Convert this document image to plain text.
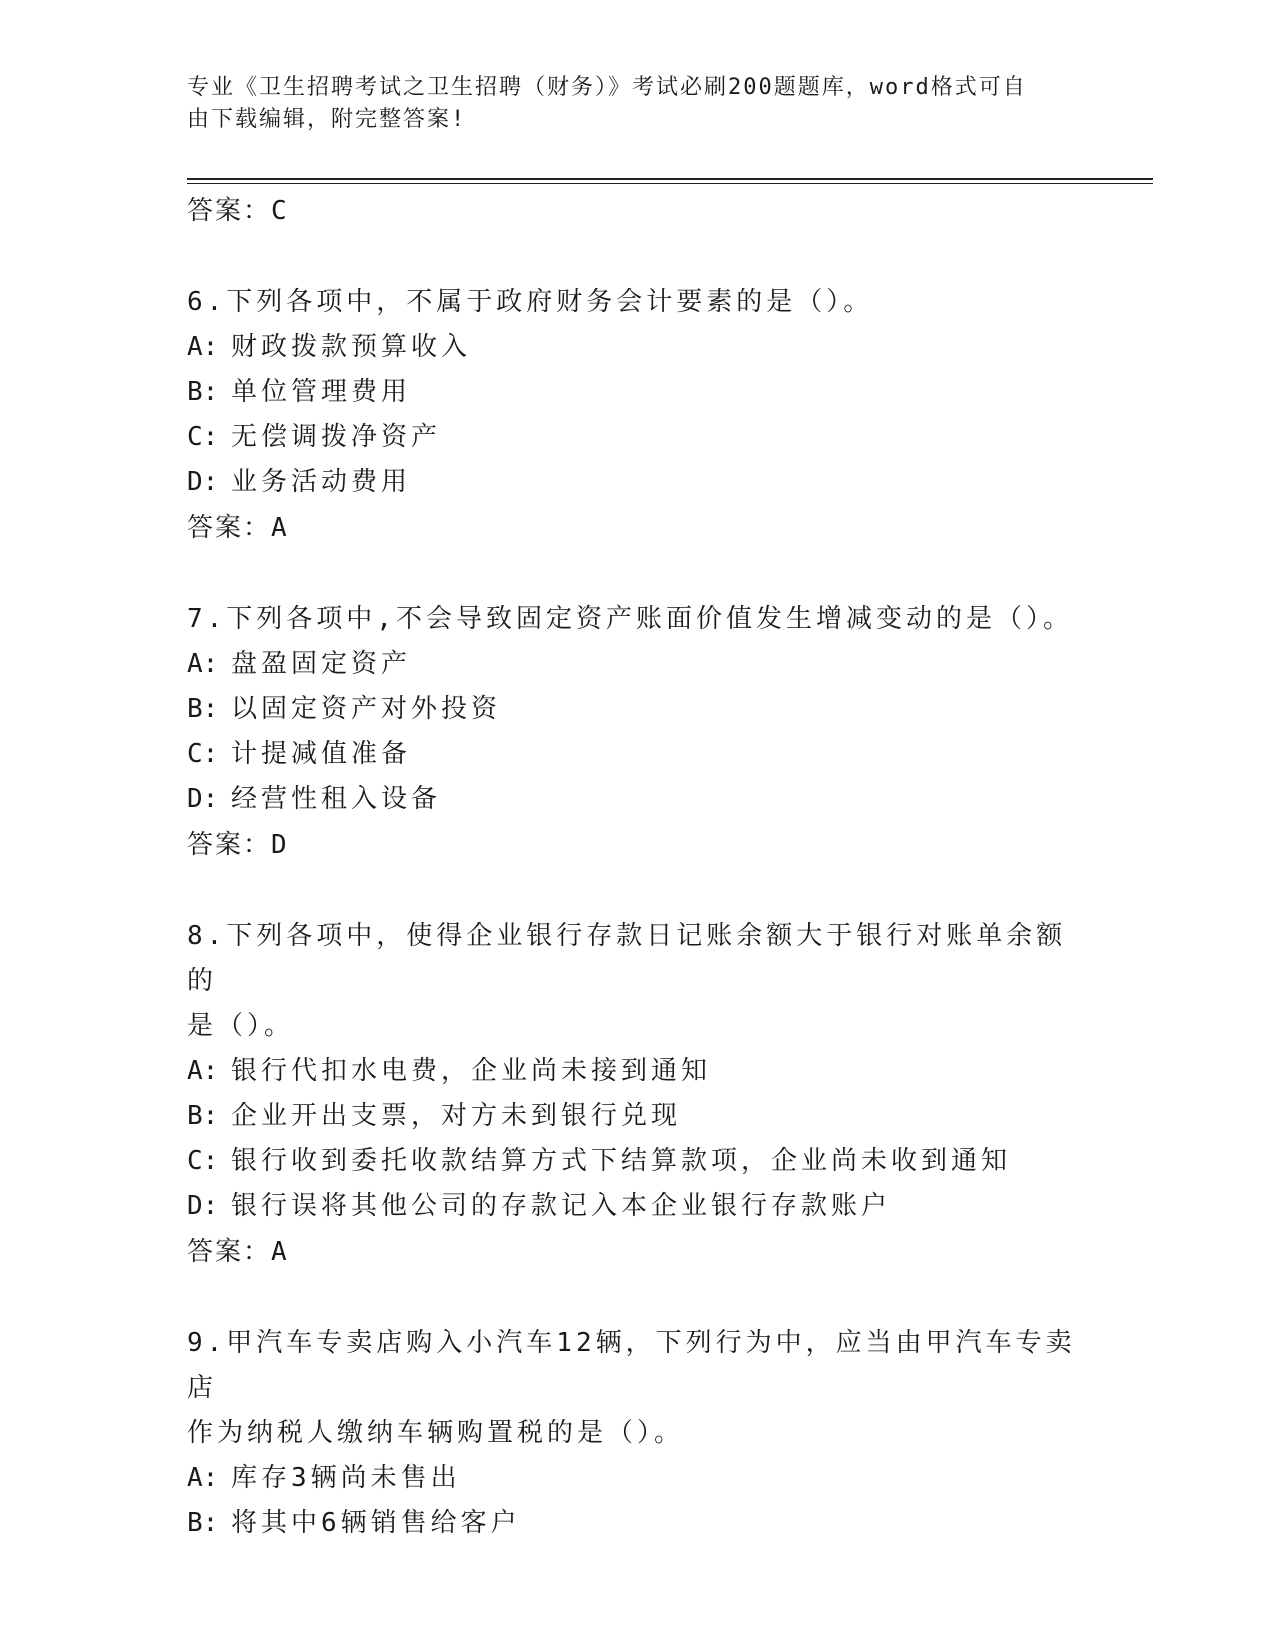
专业《卫生招聘考试之卫生招聘（财务）》考试必刷200题题库，word格式可自
由下载编辑，附完整答案!
答案：C
6.下列各项中，不属于政府财务会计要素的是（）。
A: 财政拨款预算收入
B: 单位管理费用
C: 无偿调拨净资产
D: 业务活动费用
答案：A
7.下列各项中,不会导致固定资产账面价值发生增减变动的是（）。
A: 盘盈固定资产
B: 以固定资产对外投资
C: 计提减值准备
D: 经营性租入设备
答案：D
8.下列各项中，使得企业银行存款日记账余额大于银行对账单余额的
是（）。
A: 银行代扣水电费，企业尚未接到通知
B: 企业开出支票，对方未到银行兑现
C: 银行收到委托收款结算方式下结算款项，企业尚未收到通知
D: 银行误将其他公司的存款记入本企业银行存款账户
答案：A
9.甲汽车专卖店购入小汽车12辆，下列行为中，应当由甲汽车专卖店
作为纳税人缴纳车辆购置税的是（）。
A: 库存3辆尚未售出
B: 将其中6辆销售给客户
